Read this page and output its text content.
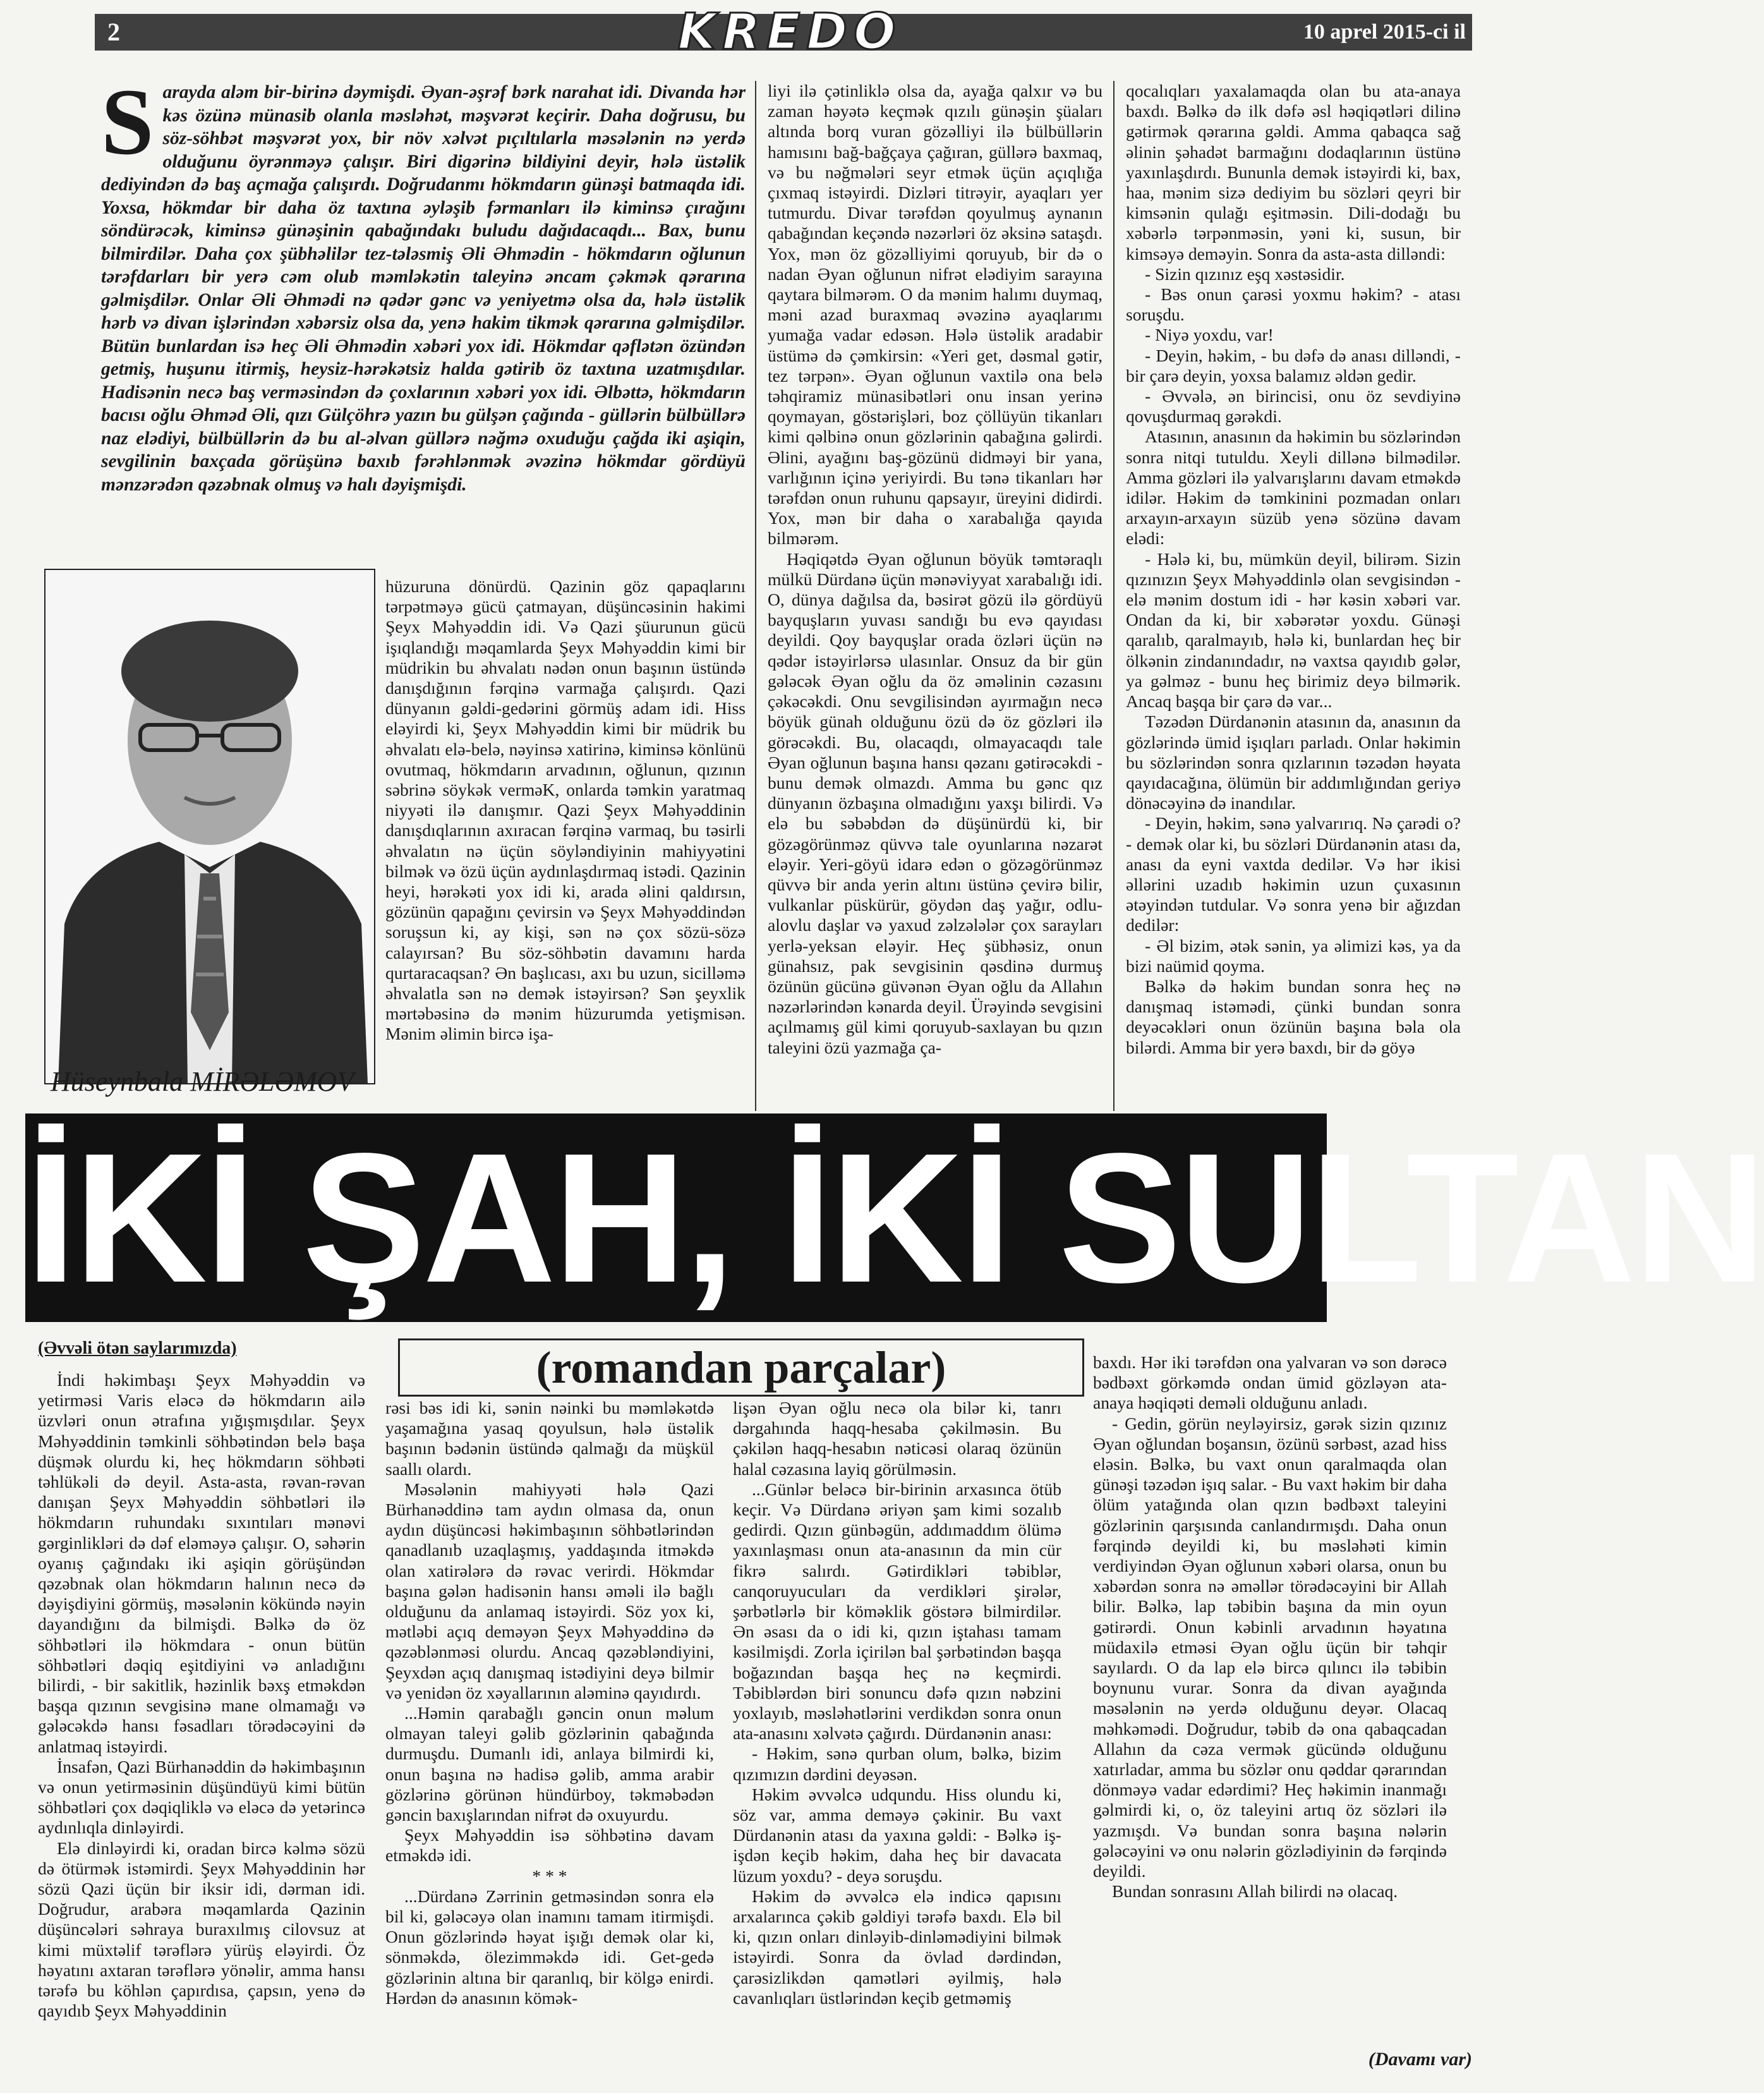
2	KREDO	10 aprel 2015-ci il
S arayda aləm bir-birinə dəymişdi. Əyan-əşrəf bərk narahat idi. Divanda hər kəs özünə münasib olanla məsləhət, məşvərət keçirir. Daha doğrusu, bu söz-söhbət məşvərət yox, bir növ xəlvət pıçıltılarla məsələnin nə yerdə olduğunu öyrənməyə çalışır. Biri digərinə bildiyini deyir, hələ üstəlik dediyindən də baş açmağa çalışırdı. Doğrudanmı hökmdarın günəşi batmaqda idi. Yoxsa, hökmdar bir daha öz taxtına əyləşib fərmanları ilə kiminsə çırağını söndürəcək, kiminsə günəşinin qabağındakı buludu dağıdacaqdı... Bax, bunu bilmirdilər. Daha çox şübhəlilər tez-tələsmiş Əli Əhmədin - hökmdarın oğlunun tərəfdarları bir yerə cəm olub məmləkətin taleyinə əncam çəkmək qərarına gəlmişdilər. Onlar Əli Əhmədi nə qədər gənc və yeniyetmə olsa da, hələ üstəlik hərb və divan işlərindən xəbərsiz olsa da, yenə hakim tikmək qərarına gəlmişdilər. Bütün bunlardan isə heç Əli Əhmədin xəbəri yox idi. Hökmdar qəflətən özündən getmiş, huşunu itirmiş, heysiz-hərəkətsiz halda gətirib öz taxtına uzatmışdılar. Hadisənin necə baş verməsindən də çoxlarının xəbəri yox idi. Əlbəttə, hökmdarın bacısı oğlu Əhməd Əli, qızı Gülçöhrə yazın bu gülşən çağında - güllərin bülbüllərə naz elədiyi, bülbüllərin də bu al-əlvan güllərə nəğmə oxuduğu çağda iki aşiqin, sevgilinin baxçada görüşünə baxıb fərəhlənmək əvəzinə hökmdar gördüyü mənzərədən qəzəbnak olmuş və halı dəyişmişdi.

liyi ilə çətinliklə olsa da, ayağa qalxır və bu zaman həyətə keçmək qızılı günəşin şüaları altında borq vuran gözəlliyi ilə bülbüllərin hamısını bağ-bağçaya çağıran, güllərə baxmaq, və bu nəğmələri seyr etmək üçün açıqlığa çıxmaq istəyirdi. Dizləri titrəyir, ayaqları yer tutmurdu. Divar tərəfdən qoyulmuş aynanın qabağından keçəndə nəzərləri öz əksinə sataşdı. Yox, mən öz gözəlliyimi qoruyub, bir də o nadan Əyan oğlunun nifrət elədiyim sarayına qaytara bilmərəm. O da mənim halımı duymaq, məni azad buraxmaq əvəzinə ayaqlarımı yumağa vadar edəsən. Hələ üstəlik aradabir üstümə də çəmkirsin: «Yeri get, dəsmal gətir, tez tərpən». Əyan oğlunun vaxtilə ona belə təhqiramiz münasibətləri onu insan yerinə qoymayan, göstərişləri, boz çöllüyün tikanları kimi qəlbinə onun gözlərinin qabağına gəlirdi. Əlini, ayağını baş-gözünü didməyi bir yana, varlığının içinə yeriyirdi. Bu tənə tikanları hər tərəfdən onun ruhunu qapsayır, üreyini didirdi. Yox, mən bir daha o xarabalığa qayıda bilmərəm.

Həqiqətdə Əyan oğlunun böyük təmtəraqlı mülkü Dürdanə üçün mənəviyyat xarabalığı idi. O, dünya dağılsa da, bəsirət gözü ilə gördüyü bayquşların yuvası sandığı bu evə qayıdası deyildi. Qoy bayquşlar orada özləri üçün nə qədər istəyirlərsə ulasınlar. Onsuz da bir gün gələcək Əyan oğlu da öz əməlinin cəzasını çəkəcəkdi. Onu sevgilisindən ayırmağın necə böyük günah olduğunu özü də öz gözləri ilə görəcəkdi. Bu, olacaqdı, olmayacaqdı tale Əyan oğlunun başına hansı qəzanı gətirəcəkdi - bunu demək olmazdı. Amma bu gənc qız dünyanın özbaşına olmadığını yaxşı bilirdi. Və elə bu səbəbdən də düşünürdü ki, bir gözəgörünməz qüvvə tale oyunlarına nəzarət eləyir. Yeri-göyü idarə edən o gözəgörünməz qüvvə bir anda yerin altını üstünə çevirə bilir, vulkanlar püskürür, göydən daş yağır, odlu-alovlu daşlar və yaxud zəlzələlər çox sarayları yerlə-yeksan eləyir. Heç şübhəsiz, onun günahsız, pak sevgisinin qəsdinə durmuş özünün gücünə güvənən Əyan oğlu da Allahın nəzərlərindən kənarda deyil. Ürəyində sevgisini açılmamış gül kimi qoruyub-saxlayan bu qızın taleyini özü yazmağa ça-

qocalıqları yaxalamaqda olan bu ata-anaya baxdı. Bəlkə də ilk dəfə əsl həqiqətləri dilinə gətirmək qərarına gəldi. Amma qabaqca sağ əlinin şəhadət barmağını dodaqlarının üstünə yaxınlaşdırdı. Bununla demək istəyirdi ki, bax, haa, mənim sizə dediyim bu sözləri qeyri bir kimsənin qulağı eşitməsin. Dili-dodağı bu xəbərlə tərpənməsin, yəni ki, susun, bir kimsəyə deməyin. Sonra da asta-asta dilləndi:

- Sizin qızınız eşq xəstəsidir.

- Bəs onun çarəsi yoxmu həkim? - atası soruşdu.

- Niyə yoxdu, var!

- Deyin, həkim, - bu dəfə də anası dilləndi, - bir çarə deyin, yoxsa balamız əldən gedir.

- Əvvələ, ən birincisi, onu öz sevdiyinə qovuşdurmaq gərəkdi.

Atasının, anasının da həkimin bu sözlərindən sonra nitqi tutuldu. Xeyli dillənə bilmədilər. Amma gözləri ilə yalvarışlarını davam etməkdə idilər. Həkim də təmkinini pozmadan onları arxayın-arxayın süzüb yenə sözünə davam elədi:

- Hələ ki, bu, mümkün deyil, bilirəm. Sizin qızınızın Şeyx Məhyəddinlə olan sevgisindən - elə mənim dostum idi - hər kəsin xəbəri var. Ondan da ki, bir xəbərətər yoxdu. Günəşi qaralıb, qaralmayıb, hələ ki, bunlardan heç bir ölkənin zindanındadır, nə vaxtsa qayıdıb gələr, ya gəlməz - bunu heç birimiz deyə bilmərik. Ancaq başqa bir çarə də var...

Təzədən Dürdanənin atasının da, anasının da gözlərində ümid işıqları parladı. Onlar həkimin bu sözlərindən sonra qızlarının təzədən həyata qayıdacağına, ölümün bir addımlığından geriyə dönəcəyinə də inandılar.

- Deyin, həkim, sənə yalvarırıq. Nə çarədi o? - demək olar ki, bu sözləri Dürdanənin atası da, anası da eyni vaxtda dedilər. Və hər ikisi əllərini uzadıb həkimin uzun çuxasının ətəyindən tutdular. Və sonra yenə bir ağızdan dedilər:

- Əl bizim, ətək sənin, ya əlimizi kəs, ya da bizi naümid qoyma.

Bəlkə də həkim bundan sonra heç nə danışmaq istəmədi, çünki bundan sonra deyəcəkləri onun özünün başına bəla ola bilərdi. Amma bir yerə baxdı, bir də göyə

hüzuruna dönürdü. Qazinin göz qapaqlarını tərpətməyə gücü çatmayan, düşüncəsinin hakimi Şeyx Məhyəddin idi. Və Qazi şüurunun gücü işıqlandığı məqamlarda Şeyx Məhyəddin kimi bir müdrikin bu əhvalatı nədən onun başının üstündə danışdığının fərqinə varmağa çalışırdı. Qazi dünyanın gəldi-gedərini görmüş adam idi. Hiss eləyirdi ki, Şeyx Məhyəddin kimi bir müdrik bu əhvalatı elə-belə, nəyinsə xatirinə, kiminsə könlünü ovutmaq, hökmdarın arvadının, oğlunun, qızının səbrinə söykək verməK, onlarda təmkin yaratmaq niyyəti ilə danışmır. Qazi Şeyx Məhyəddinin danışdıqlarının axıracan fərqinə varmaq, bu təsirli əhvalatın nə üçün söyləndiyinin mahiyyətini bilmək və özü üçün aydınlaşdırmaq istədi. Qazinin heyi, hərəkəti yox idi ki, arada əlini qaldırsın, gözünün qapağını çevirsin və Şeyx Məhyəddindən soruşsun ki, ay kişi, sən nə çox sözü-sözə calayırsan? Bu söz-söhbətin davamını harda qurtaracaqsan? Ən başlıcası, axı bu uzun, sicilləmə əhvalatla sən nə demək istəyirsən? Sən şeyxlik mərtəbəsinə də mənim hüzurumda yetişmisən. Mənim əlimin bircə işa-

Hüseynbala MİRƏLƏMOV
İKİ ŞAH, İKİ SULTAN
(Əvvəli ötən saylarımızda)	(romandan parçalar)

İndi həkimbaşı Şeyx Məhyəddin və yetirməsi Varis eləcə də hökmdarın ailə üzvləri onun ətrafına yığışmışdılar. Şeyx Məhyəddinin təmkinli söhbətindən belə başa düşmək olurdu ki, heç hökmdarın söhbəti təhlükəli də deyil. Asta-asta, rəvan-rəvan danışan Şeyx Məhyəddin söhbətləri ilə hökmdarın ruhundakı sıxıntıları mənəvi gərginlikləri də dəf eləməyə çalışır. O, səhərin oyanış çağındakı iki aşiqin görüşündən qəzəbnak olan hökmdarın halının necə də dəyişdiyini görmüş, məsələnin kökündə nəyin dayandığını da bilmişdi. Bəlkə də öz söhbətləri ilə hökmdara - onun bütün söhbətləri dəqiq eşitdiyini və anladığını bilirdi, - bir sakitlik, həzinlik bəxş etməkdən başqa qızının sevgisinə mane olmamağı və gələcəkdə hansı fəsadları törədəcəyini də anlatmaq istəyirdi.

İnsafən, Qazi Bürhanəddin də həkimbaşının və onun yetirməsinin düşündüyü kimi bütün söhbətləri çox dəqiqliklə və eləcə də yetərincə aydınlıqla dinləyirdi.

Elə dinləyirdi ki, oradan bircə kəlmə sözü də ötürmək istəmirdi. Şeyx Məhyəddinin hər sözü Qazi üçün bir iksir idi, dərman idi. Doğrudur, arabəra məqamlarda Qazinin düşüncələri səhraya buraxılmış cilovsuz at kimi müxtəlif tərəflərə yürüş eləyirdi. Öz həyatını axtaran tərəflərə yönəlir, amma hansı tərəfə bu köhlən çapırdısa, çapsın, yenə də qayıdıb Şeyx Məhyəddinin

rəsi bəs idi ki, sənin nəinki bu məmləkətdə yaşamağına yasaq qoyulsun, hələ üstəlik başının bədənin üstündə qalmağı da müşkül saallı olardı.

Məsələnin mahiyyəti hələ Qazi Bürhanəddinə tam aydın olmasa da, onun aydın düşüncəsi həkimbaşının söhbətlərindən qanadlanıb uzaqlaşmış, yaddaşında itməkdə olan xatirələrə də rəvac verirdi. Hökmdar başına gələn hadisənin hansı əməli ilə bağlı olduğunu da anlamaq istəyirdi. Söz yox ki, mətləbi açıq deməyən Şeyx Məhyəddinə də qəzəblənməsi olurdu. Ancaq qəzəbləndiyini, Şeyxdən açıq danışmaq istədiyini deyə bilmir və yenidən öz xəyallarının aləminə qayıdırdı.

...Həmin qarabağlı gəncin onun məlum olmayan taleyi gəlib gözlərinin qabağında durmuşdu. Dumanlı idi, anlaya bilmirdi ki, onun başına nə hadisə gəlib, amma arabir gözlərinə görünən hündürboy, təkməbədən gəncin baxışlarından nifrət də oxuyurdu.

Şeyx Məhyəddin isə söhbətinə davam etməkdə idi.

* * *

...Dürdanə Zərrinin getməsindən sonra elə bil ki, gələcəyə olan inamını tamam itirmişdi. Onun gözlərində həyat işığı demək olar ki, sönməkdə, ölezimməkdə idi. Get-gedə gözlərinin altına bir qaranlıq, bir kölgə enirdi. Hərdən də anasının kömək-

lişən Əyan oğlu necə ola bilər ki, tanrı dərgahında haqq-hesaba çəkilməsin. Bu çəkilən haqq-hesabın nəticəsi olaraq özünün halal cəzasına layiq görülməsin.

...Günlər beləcə bir-birinin arxasınca ötüb keçir. Və Dürdanə əriyən şam kimi sozalıb gedirdi. Qızın günbəgün, addımaddım ölümə yaxınlaşması onun ata-anasının da min cür fikrə salırdı. Gətirdikləri təbiblər, canqoruyucuları da verdikləri şirələr, şərbətlərlə bir köməklik göstərə bilmirdilər. Ən əsası da o idi ki, qızın iştahası tamam kəsilmişdi. Zorla içirilən bal şərbətindən başqa boğazından başqa heç nə keçmirdi. Təbiblərdən biri sonuncu dəfə qızın nəbzini yoxlayıb, məsləhətlərini verdikdən sonra onun ata-anasını xəlvətə çağırdı. Dürdanənin anası:

- Həkim, sənə qurban olum, bəlkə, bizim qızımızın dərdini deyəsən.

Həkim əvvəlcə udqundu. Hiss olundu ki, söz var, amma deməyə çəkinir. Bu vaxt Dürdanənin atası da yaxına gəldi: - Bəlkə iş-işdən keçib həkim, daha heç bir davacata lüzum yoxdu? - deyə soruşdu.

Həkim də əvvəlcə elə indicə qapısını arxalarınca çəkib gəldiyi tərəfə baxdı. Elə bil ki, qızın onları dinləyib-dinləmədiyini bilmək istəyirdi. Sonra da övlad dərdindən, çarəsizlikdən qamətləri əyilmiş, hələ cavanlıqları üstlərindən keçib getməmiş

baxdı. Hər iki tərəfdən ona yalvaran və son dərəcə bədbəxt görkəmdə ondan ümid gözləyən ata-anaya həqiqəti deməli olduğunu anladı.

- Gedin, görün neyləyirsiz, gərək sizin qızınız Əyan oğlundan boşansın, özünü sərbəst, azad hiss eləsin. Bəlkə, bu vaxt onun qaralmaqda olan günəşi təzədən işıq salar. - Bu vaxt həkim bir daha ölüm yatağında olan qızın bədbəxt taleyini gözlərinin qarşısında canlandırmışdı. Daha onun fərqində deyildi ki, bu məsləhəti kimin verdiyindən Əyan oğlunun xəbəri olarsa, onun bu xəbərdən sonra nə əməllər törədəcəyini bir Allah bilir. Bəlkə, lap təbibin başına da min oyun gətirərdi. Onun kəbinli arvadının həyatına müdaxilə etməsi Əyan oğlu üçün bir təhqir sayılardı. O da lap elə bircə qılıncı ilə təbibin boynunu vurar. Sonra da divan ayağında məsələnin nə yerdə olduğunu deyər. Olacaq məhkəmədi. Doğrudur, təbib də ona qabaqcadan Allahın da cəza vermək gücündə olduğunu xatırladar, amma bu sözlər onu qəddar qərarından dönməyə vadar edərdimi? Heç həkimin inanmağı gəlmirdi ki, o, öz taleyini artıq öz sözləri ilə yazmışdı. Və bundan sonra başına nələrin gələcəyini və onu nələrin gözlədiyinin də fərqində deyildi.

Bundan sonrasını Allah bilirdi nə olacaq.

(Davamı var)
